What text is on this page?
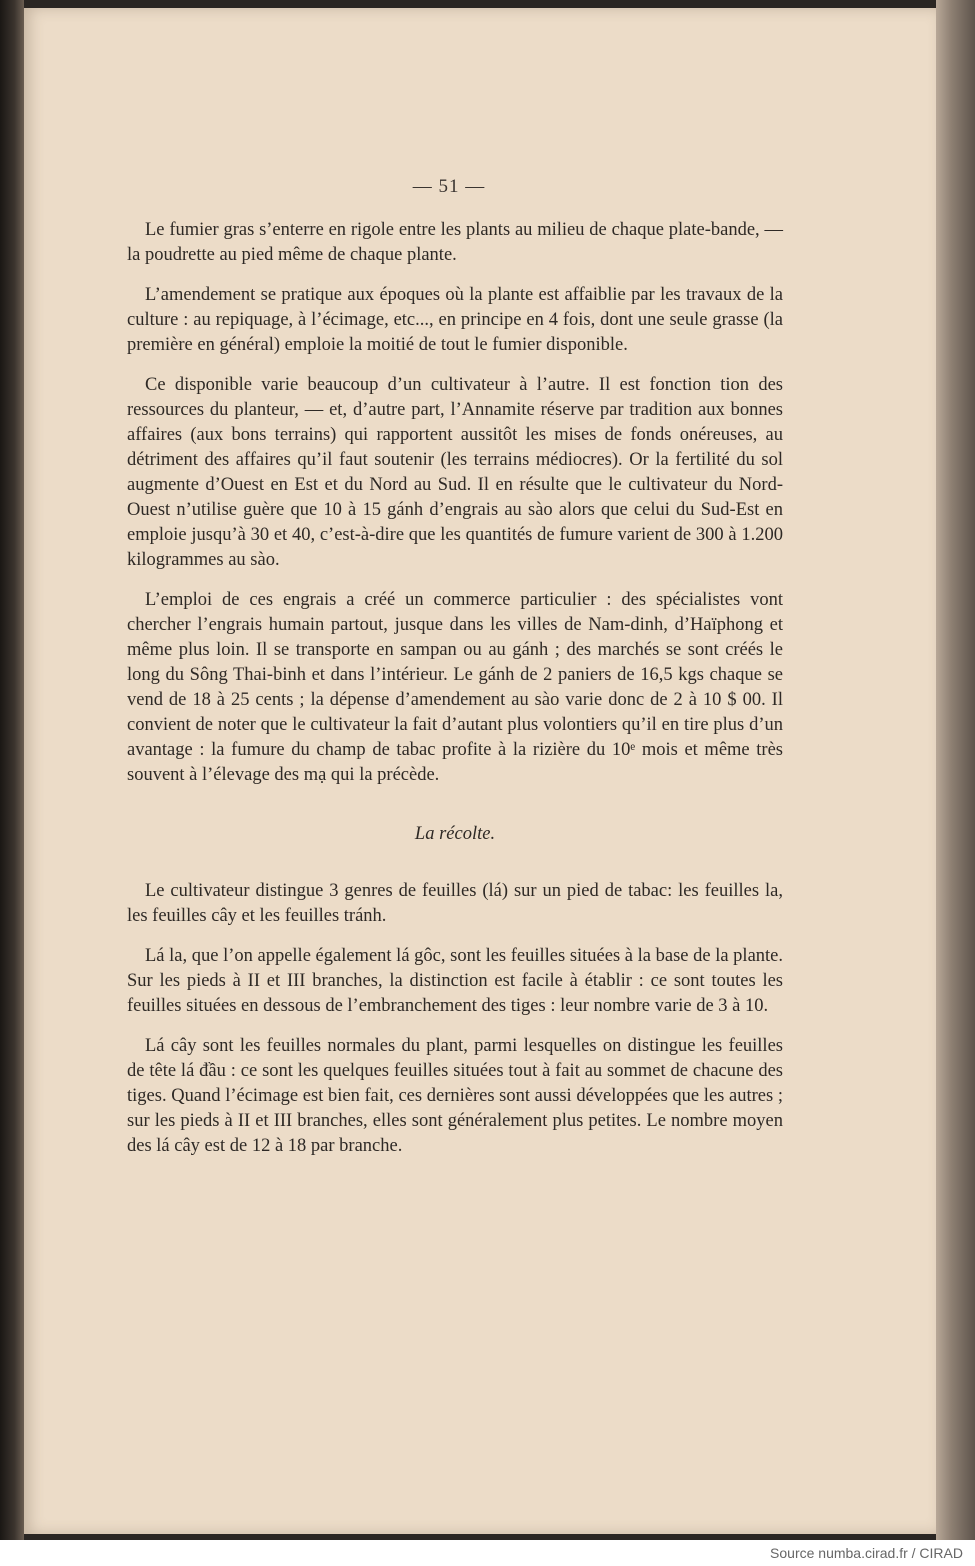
— 51 —

Le fumier gras s’enterre en rigole entre les plants au milieu de chaque plate-bande, — la poudrette au pied même de chaque plante.

L’amendement se pratique aux époques où la plante est affaiblie par les travaux de la culture : au repiquage, à l’écimage, etc..., en principe en 4 fois, dont une seule grasse (la première en général) emploie la moitié de tout le fumier disponible.

Ce disponible varie beaucoup d’un cultivateur à l’autre. Il est fonction tion des ressources du planteur, — et, d’autre part, l’Annamite réserve par tradition aux bonnes affaires (aux bons terrains) qui rapportent aussitôt les mises de fonds onéreuses, au détriment des affaires qu’il faut soutenir (les terrains médiocres). Or la fertilité du sol augmente d’Ouest en Est et du Nord au Sud. Il en résulte que le cultivateur du Nord-Ouest n’utilise guère que 10 à 15 gánh d’engrais au sào alors que celui du Sud-Est en emploie jusqu’à 30 et 40, c’est-à-dire que les quantités de fumure varient de 300 à 1.200 kilogrammes au sào.

L’emploi de ces engrais a créé un commerce particulier : des spécialistes vont chercher l’engrais humain partout, jusque dans les villes de Nam-dinh, d’Haïphong et même plus loin. Il se transporte en sampan ou au gánh ; des marchés se sont créés le long du Sông Thai-binh et dans l’intérieur. Le gánh de 2 paniers de 16,5 kgs chaque se vend de 18 à 25 cents ; la dépense d’amendement au sào varie donc de 2 à 10 $ 00. Il convient de noter que le cultivateur la fait d’autant plus volontiers qu’il en tire plus d’un avantage : la fumure du champ de tabac profite à la rizière du 10ᵉ mois et même très souvent à l’élevage des mạ qui la précède.

La récolte.

Le cultivateur distingue 3 genres de feuilles (lá) sur un pied de tabac: les feuilles la, les feuilles cây et les feuilles tránh.

Lá la, que l’on appelle également lá gôc, sont les feuilles situées à la base de la plante. Sur les pieds à II et III branches, la distinction est facile à établir : ce sont toutes les feuilles situées en dessous de l’embranchement des tiges : leur nombre varie de 3 à 10.

Lá cây sont les feuilles normales du plant, parmi lesquelles on distingue les feuilles de tête lá đầu : ce sont les quelques feuilles situées tout à fait au sommet de chacune des tiges. Quand l’écimage est bien fait, ces dernières sont aussi développées que les autres ; sur les pieds à II et III branches, elles sont généralement plus petites. Le nombre moyen des lá cây est de 12 à 18 par branche.

Source numba.cirad.fr / CIRAD
